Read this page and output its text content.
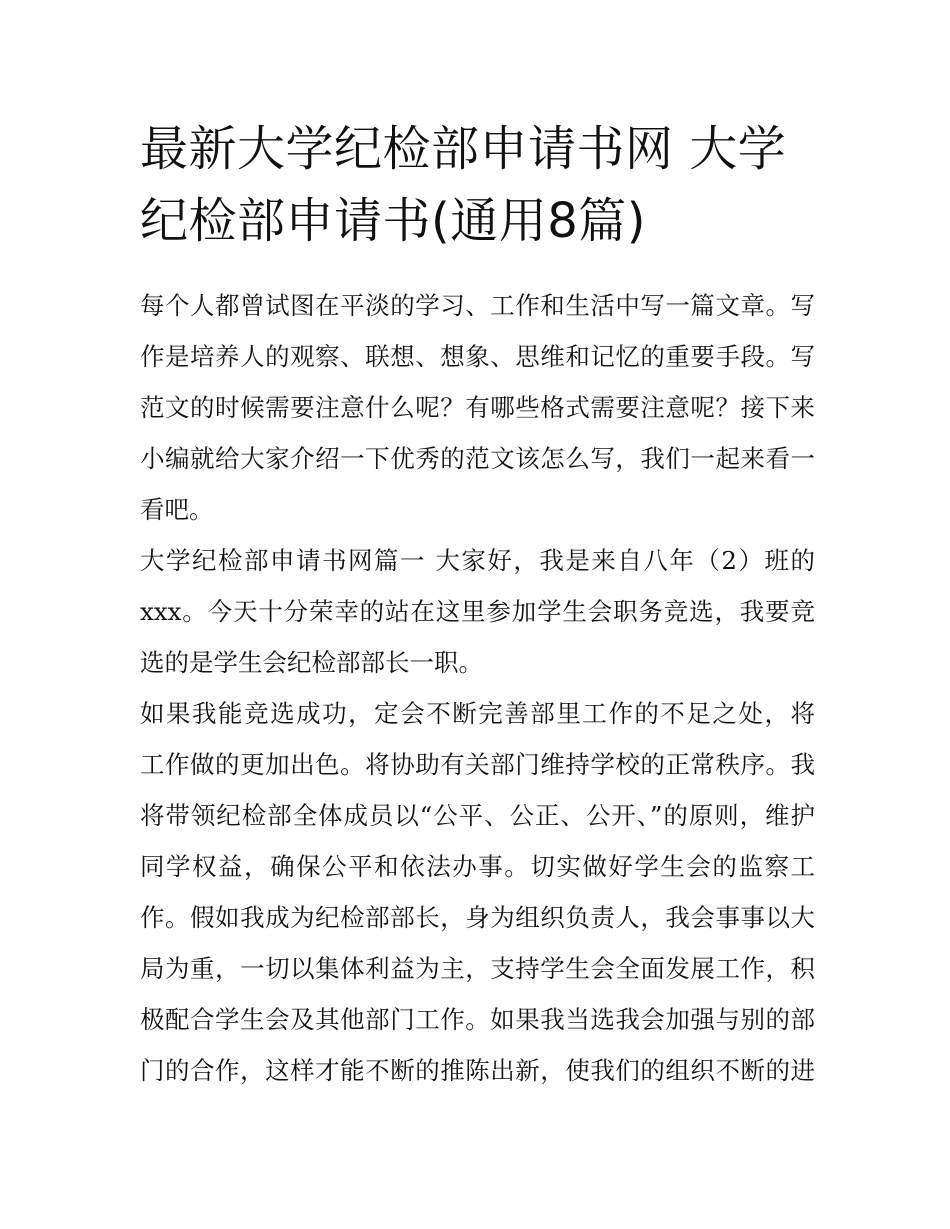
最新大学纪检部申请书网 大学
纪检部申请书(通用8篇)

每个人都曾试图在平淡的学习、工作和生活中写一篇文章。写
作是培养人的观察、联想、想象、思维和记忆的重要手段。写
范文的时候需要注意什么呢？有哪些格式需要注意呢？接下来
小编就给大家介绍一下优秀的范文该怎么写，我们一起来看一
看吧。

大学纪检部申请书网篇一 大家好，我是来自八年（2）班的
xxx。今天十分荣幸的站在这里参加学生会职务竞选，我要竞
选的是学生会纪检部部长一职。

如果我能竞选成功，定会不断完善部里工作的不足之处，将
工作做的更加出色。将协助有关部门维持学校的正常秩序。我
将带领纪检部全体成员以“公平、公正、公开、”的原则，维护
同学权益，确保公平和依法办事。切实做好学生会的监察工
作。假如我成为纪检部部长，身为组织负责人，我会事事以大
局为重，一切以集体利益为主，支持学生会全面发展工作，积
极配合学生会及其他部门工作。如果我当选我会加强与别的部
门的合作，这样才能不断的推陈出新，使我们的组织不断的进
